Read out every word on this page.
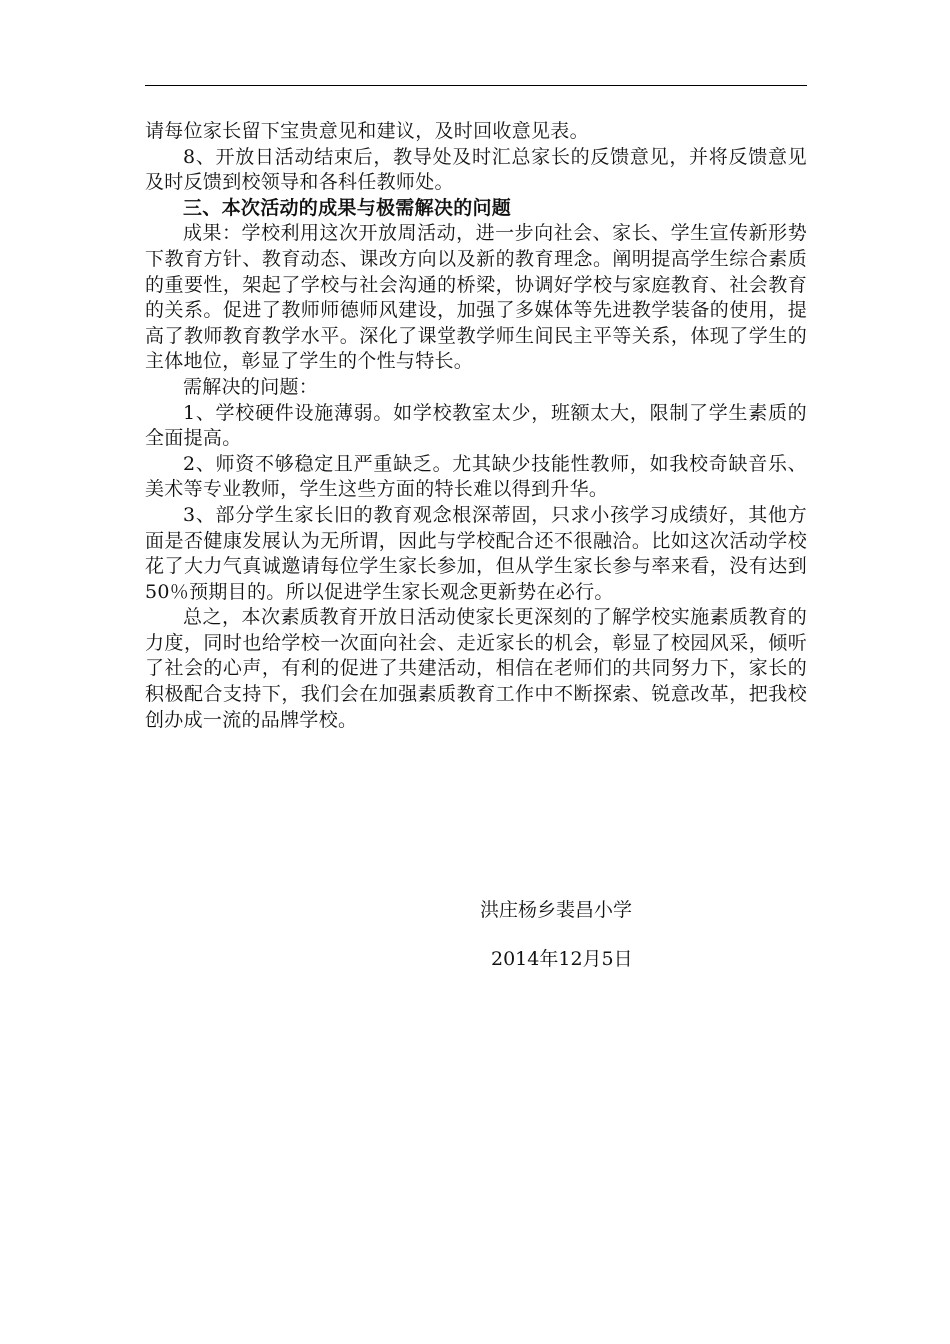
请每位家长留下宝贵意见和建议，及时回收意见表。

8、开放日活动结束后，教导处及时汇总家长的反馈意见，并将反馈意见及时反馈到校领导和各科任教师处。

三、本次活动的成果与极需解决的问题

成果：学校利用这次开放周活动，进一步向社会、家长、学生宣传新形势下教育方针、教育动态、课改方向以及新的教育理念。阐明提高学生综合素质的重要性，架起了学校与社会沟通的桥梁，协调好学校与家庭教育、社会教育的关系。促进了教师师德师风建设，加强了多媒体等先进教学装备的使用，提高了教师教育教学水平。深化了课堂教学师生间民主平等关系，体现了学生的主体地位，彰显了学生的个性与特长。

需解决的问题：

1、学校硬件设施薄弱。如学校教室太少，班额太大，限制了学生素质的全面提高。

2、师资不够稳定且严重缺乏。尤其缺少技能性教师，如我校奇缺音乐、美术等专业教师，学生这些方面的特长难以得到升华。

3、部分学生家长旧的教育观念根深蒂固，只求小孩学习成绩好，其他方面是否健康发展认为无所谓，因此与学校配合还不很融洽。比如这次活动学校花了大力气真诚邀请每位学生家长参加，但从学生家长参与率来看，没有达到50％预期目的。所以促进学生家长观念更新势在必行。

总之，本次素质教育开放日活动使家长更深刻的了解学校实施素质教育的力度，同时也给学校一次面向社会、走近家长的机会，彰显了校园风采，倾听了社会的心声，有利的促进了共建活动，相信在老师们的共同努力下，家长的积极配合支持下，我们会在加强素质教育工作中不断探索、锐意改革，把我校创办成一流的品牌学校。

洪庄杨乡裴昌小学
2014年12月5日
